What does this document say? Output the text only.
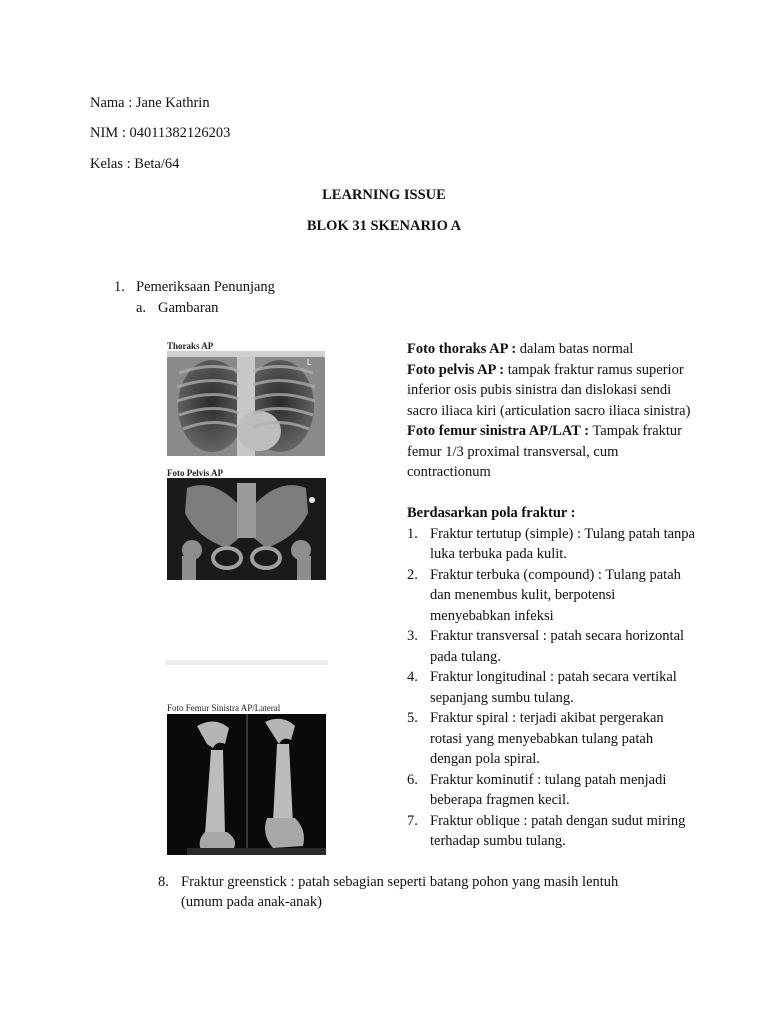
Nama : Jane Kathrin
NIM : 04011382126203
Kelas : Beta/64
LEARNING ISSUE
BLOK 31 SKENARIO A
1. Pemeriksaan Penunjang
a. Gambaran
Thoraks AP
L
Foto Pelvis AP
Foto Femur Sinistra AP/Lateral

Foto thoraks AP : dalam batas normal

Foto pelvis AP : tampak fraktur ramus superior inferior osis pubis sinistra dan dislokasi sendi sacro iliaca kiri (articulation sacro iliaca sinistra)

Foto femur sinistra AP/LAT : Tampak fraktur femur 1/3 proximal transversal, cum contractionum

Berdasarkan pola fraktur :

1. Fraktur tertutup (simple) : Tulang patah tanpa luka terbuka pada kulit.
2. Fraktur terbuka (compound) : Tulang patah dan menembus kulit, berpotensi menyebabkan infeksi
3. Fraktur transversal : patah secara horizontal pada tulang.
4. Fraktur longitudinal : patah secara vertikal sepanjang sumbu tulang.
5. Fraktur spiral : terjadi akibat pergerakan rotasi yang menyebabkan tulang patah dengan pola spiral.
6. Fraktur kominutif : tulang patah menjadi beberapa fragmen kecil.
7. Fraktur oblique : patah dengan sudut miring terhadap sumbu tulang.
8. Fraktur greenstick : patah sebagian seperti batang pohon yang masih lentuh
(umum pada anak-anak)
